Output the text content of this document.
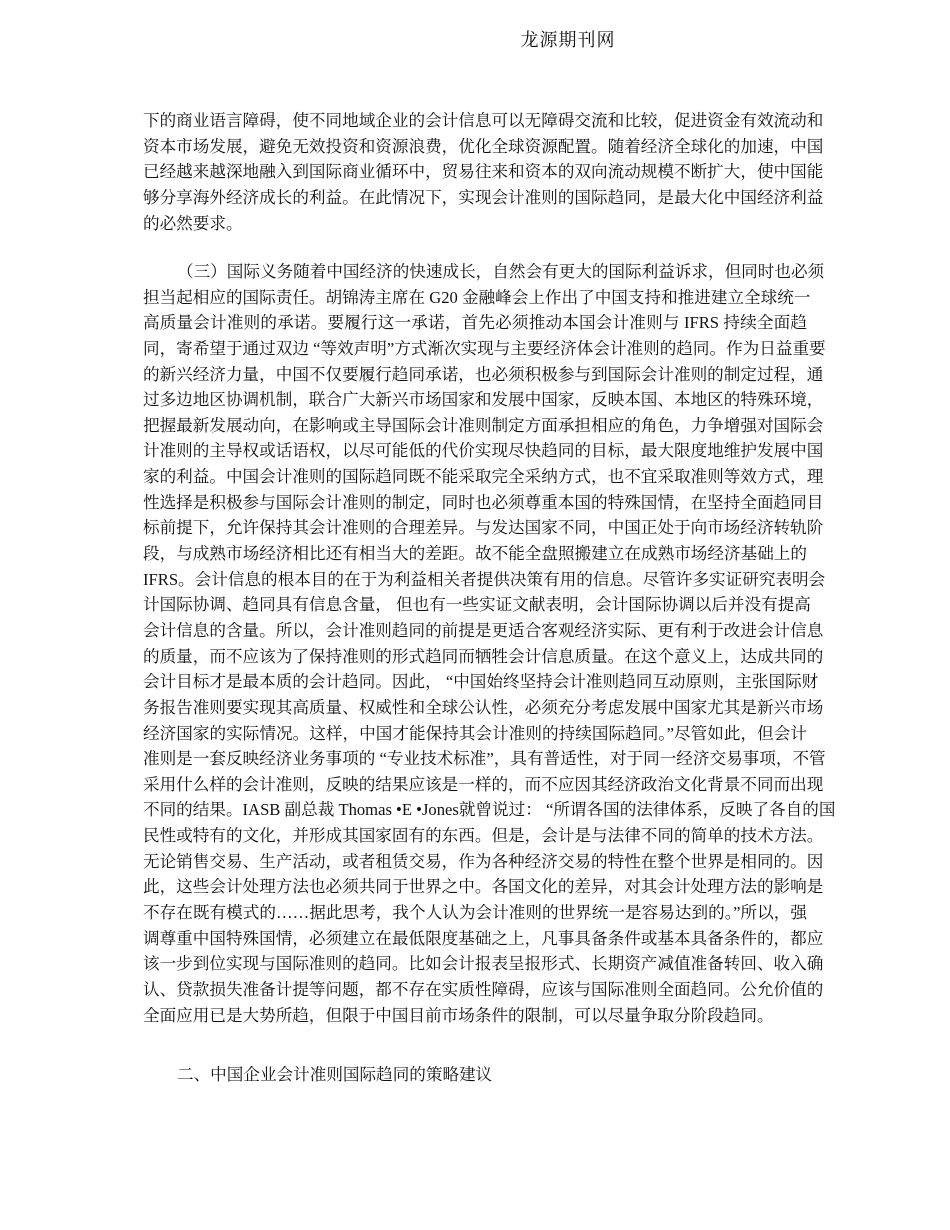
龙源期刊网
下的商业语言障碍，使不同地域企业的会计信息可以无障碍交流和比较，促进资金有效流动和
资本市场发展，避免无效投资和资源浪费，优化全球资源配置。随着经济全球化的加速，中国
已经越来越深地融入到国际商业循环中，贸易往来和资本的双向流动规模不断扩大，使中国能
够分享海外经济成长的利益。在此情况下，实现会计准则的国际趋同，是最大化中国经济利益
的必然要求。
（三）国际义务随着中国经济的快速成长，自然会有更大的国际利益诉求，但同时也必须
担当起相应的国际责任。胡锦涛主席在 G20 金融峰会上作出了中国支持和推进建立全球统一
高质量会计准则的承诺。要履行这一承诺，首先必须推动本国会计准则与 IFRS 持续全面趋
同，寄希望于通过双边 “等效声明”方式渐次实现与主要经济体会计准则的趋同。作为日益重要
的新兴经济力量，中国不仅要履行趋同承诺，也必须积极参与到国际会计准则的制定过程，通
过多边地区协调机制，联合广大新兴市场国家和发展中国家，反映本国、本地区的特殊环境，
把握最新发展动向，在影响或主导国际会计准则制定方面承担相应的角色，力争增强对国际会
计准则的主导权或话语权，以尽可能低的代价实现尽快趋同的目标，最大限度地维护发展中国
家的利益。中国会计准则的国际趋同既不能采取完全采纳方式，也不宜采取准则等效方式，理
性选择是积极参与国际会计准则的制定，同时也必须尊重本国的特殊国情，在坚持全面趋同目
标前提下，允许保持其会计准则的合理差异。与发达国家不同，中国正处于向市场经济转轨阶
段，与成熟市场经济相比还有相当大的差距。故不能全盘照搬建立在成熟市场经济基础上的
IFRS。会计信息的根本目的在于为利益相关者提供决策有用的信息。尽管许多实证研究表明会
计国际协调、趋同具有信息含量， 但也有一些实证文献表明，会计国际协调以后并没有提高
会计信息的含量。所以，会计准则趋同的前提是更适合客观经济实际、更有利于改进会计信息
的质量，而不应该为了保持准则的形式趋同而牺牲会计信息质量。在这个意义上，达成共同的
会计目标才是最本质的会计趋同。因此， “中国始终坚持会计准则趋同互动原则，主张国际财
务报告准则要实现其高质量、权威性和全球公认性，必须充分考虑发展中国家尤其是新兴市场
经济国家的实际情况。这样，中国才能保持其会计准则的持续国际趋同。”尽管如此，但会计
准则是一套反映经济业务事项的 “专业技术标准”，具有普适性，对于同一经济交易事项，不管
采用什么样的会计准则，反映的结果应该是一样的，而不应因其经济政治文化背景不同而出现
不同的结果。IASB 副总裁 Thomas •E •Jones就曾说过： “所谓各国的法律体系，反映了各自的国
民性或特有的文化，并形成其国家固有的东西。但是，会计是与法律不同的简单的技术方法。
无论销售交易、生产活动，或者租赁交易，作为各种经济交易的特性在整个世界是相同的。因
此，这些会计处理方法也必须共同于世界之中。各国文化的差异，对其会计处理方法的影响是
不存在既有模式的……据此思考，我个人认为会计准则的世界统一是容易达到的。”所以，强
调尊重中国特殊国情，必须建立在最低限度基础之上，凡事具备条件或基本具备条件的，都应
该一步到位实现与国际准则的趋同。比如会计报表呈报形式、长期资产减值准备转回、收入确
认、贷款损失准备计提等问题，都不存在实质性障碍，应该与国际准则全面趋同。公允价值的
全面应用已是大势所趋，但限于中国目前市场条件的限制，可以尽量争取分阶段趋同。
二、中国企业会计准则国际趋同的策略建议
